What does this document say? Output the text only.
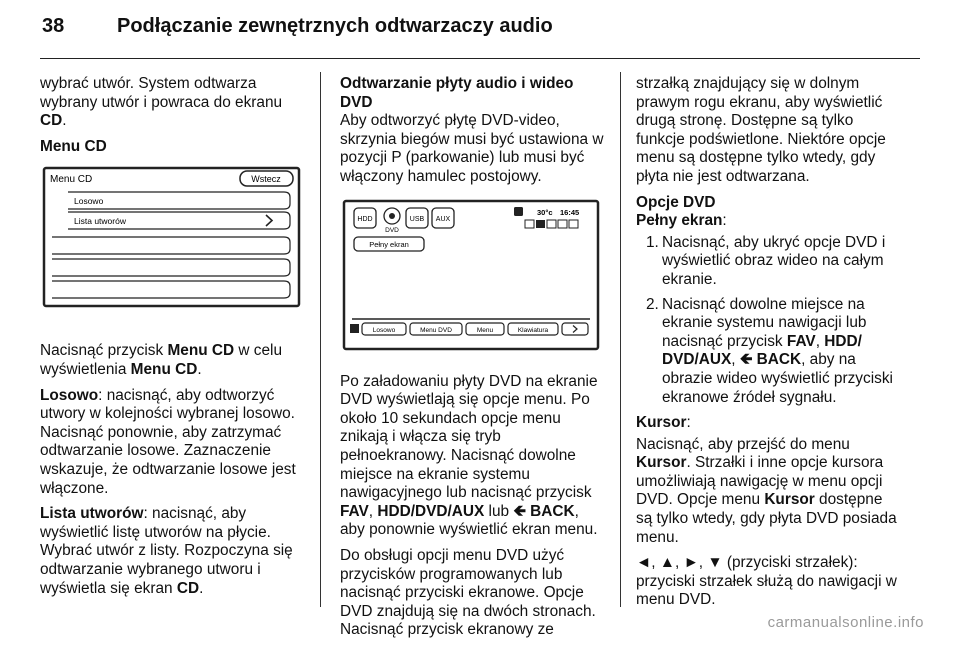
38	Podłączanie zewnętrznych odtwarzaczy audio

wybrać utwór. System odtwarza wybrany utwór i powraca do ekranu CD.

Menu CD

Menu CD	Wstecz
Losowo
Lista utworów

Nacisnąć przycisk Menu CD w celu wyświetlenia Menu CD.

Losowo: nacisnąć, aby odtworzyć utwory w kolejności wybranej losowo. Nacisnąć ponownie, aby zatrzymać odtwarzanie losowe. Zaznaczenie wskazuje, że odtwarzanie losowe jest włączone.

Lista utworów: nacisnąć, aby wyświetlić listę utworów na płycie. Wybrać utwór z listy. Rozpoczyna się odtwarzanie wybranego utworu i wyświetla się ekran CD.

Odtwarzanie płyty audio i wideo DVD

Aby odtworzyć płytę DVD-video, skrzynia biegów musi być ustawiona w pozycji P (parkowanie) lub musi być włączony hamulec postojowy.

HDD
DVD
USB AUX
30°c 16:45
Pełny ekran
Losowo	Menu DVD	Menu	Klawiatura

Po załadowaniu płyty DVD na ekranie DVD wyświetlają się opcje menu. Po około 10 sekundach opcje menu znikają i włącza się tryb pełnoekranowy. Nacisnąć dowolne miejsce na ekranie systemu nawigacyjnego lub nacisnąć przycisk FAV, HDD/DVD/AUX lub 🡸 BACK, aby ponownie wyświetlić ekran menu.

Do obsługi opcji menu DVD użyć przycisków programowanych lub nacisnąć przyciski ekranowe. Opcje DVD znajdują się na dwóch stronach. Nacisnąć przycisk ekranowy ze

strzałką znajdujący się w dolnym prawym rogu ekranu, aby wyświetlić drugą stronę. Dostępne są tylko funkcje podświetlone. Niektóre opcje menu są dostępne tylko wtedy, gdy płyta nie jest odtwarzana.

Opcje DVD

Pełny ekran:

1. Nacisnąć, aby ukryć opcje DVD i wyświetlić obraz wideo na całym ekranie.
2. Nacisnąć dowolne miejsce na ekranie systemu nawigacji lub nacisnąć przycisk FAV, HDD/ DVD/AUX, 🡸 BACK, aby na obrazie wideo wyświetlić przyciski ekranowe źródeł sygnału.

Kursor:

Nacisnąć, aby przejść do menu Kursor. Strzałki i inne opcje kursora umożliwiają nawigację w menu opcji DVD. Opcje menu Kursor dostępne są tylko wtedy, gdy płyta DVD posiada menu.

◄, ▲, ►, ▼ (przyciski strzałek): przyciski strzałek służą do nawigacji w menu DVD.

carmanualsonline.info
